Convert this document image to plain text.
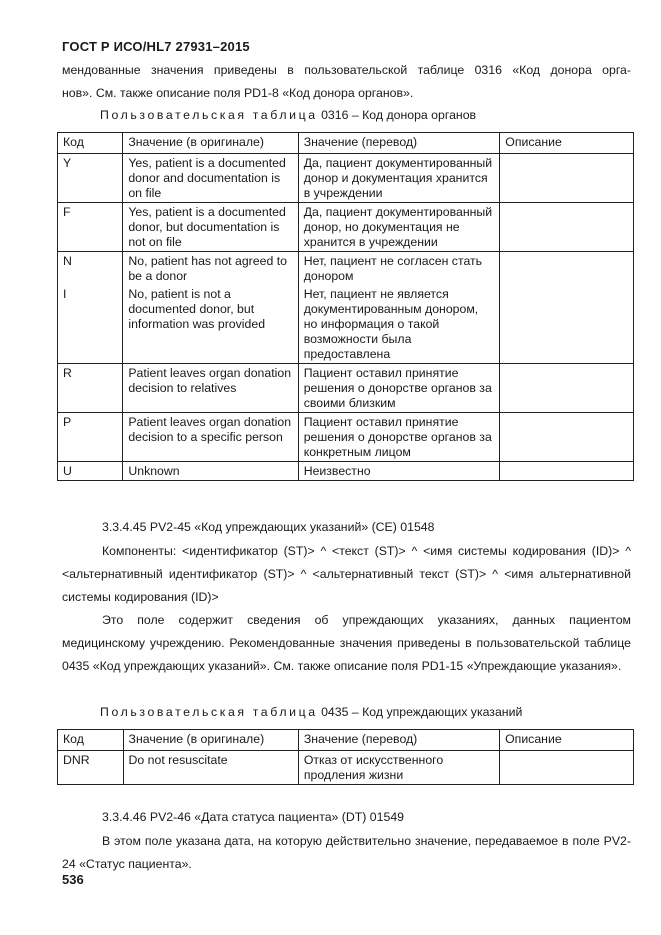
ГОСТ Р ИСО/HL7 27931–2015
мендованные значения приведены в пользовательской таблице 0316 «Код донора орга-
нов». См. также описание поля PD1-8 «Код донора органов».
Пользовательская таблица 0316 – Код донора органов
Код	Значение (в оригинале)	Значение (перевод)	Описание
Y	Yes, patient is a documented donor and documentation is on file	Да, пациент документированный донор и документация хранится в учреждении	
F	Yes, patient is a documented donor, but documentation is not on file	Да, пациент документированный донор, но документация не хранится в учреждении	
N	No, patient has not agreed to be a donor	Нет, пациент не согласен стать донором	
I	No, patient is not a documented donor, but information was provided	Нет, пациент не является документированным донором, но информация о такой возможности была предоставлена	
R	Patient leaves organ donation decision to relatives	Пациент оставил принятие решения о донорстве органов за своими близким	
P	Patient leaves organ donation decision to a specific person	Пациент оставил принятие решения о донорстве органов за конкретным лицом	
U	Unknown	Неизвестно	
3.3.4.45 PV2-45 «Код упреждающих указаний» (CE) 01548
Компоненты: <идентификатор (ST)> ^ <текст (ST)> ^ <имя системы кодирования (ID)> ^ <альтернативный идентификатор (ST)> ^ <альтернативный текст (ST)> ^ <имя альтернативной системы кодирования (ID)>
Это поле содержит сведения об упреждающих указаниях, данных пациентом медицинскому учреждению. Рекомендованные значения приведены в пользовательской таблице 0435 «Код упреждающих указаний». См. также описание поля PD1-15 «Упреждающие указания».
Пользовательская таблица 0435 – Код упреждающих указаний
Код	Значение (в оригинале)	Значение (перевод)	Описание
DNR	Do not resuscitate	Отказ от искусственного продления жизни	
3.3.4.46 PV2-46 «Дата статуса пациента» (DT) 01549
В этом поле указана дата, на которую действительно значение, передаваемое в поле PV2-24 «Статус пациента».
536
